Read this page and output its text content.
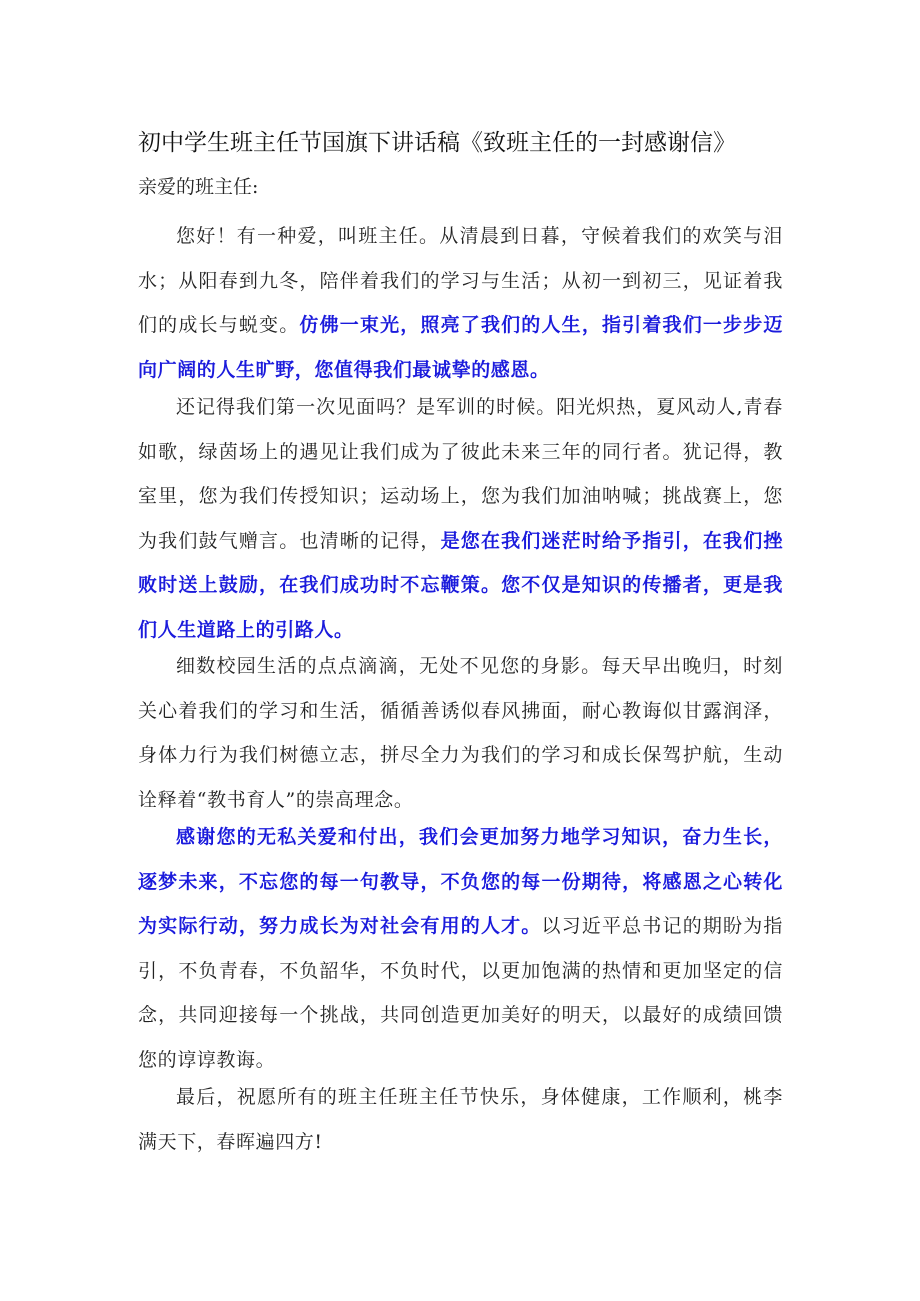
初中学生班主任节国旗下讲话稿《致班主任的一封感谢信》

亲爱的班主任:

您好！有一种爱，叫班主任。从清晨到日暮，守候着我们的欢笑与泪水；从阳春到九冬，陪伴着我们的学习与生活；从初一到初三，见证着我们的成长与蜕变。仿佛一束光，照亮了我们的人生，指引着我们一步步迈向广阔的人生旷野，您值得我们最诚挚的感恩。

还记得我们第一次见面吗？是军训的时候。阳光炽热，夏风动人,青春如歌，绿茵场上的遇见让我们成为了彼此未来三年的同行者。犹记得，教室里，您为我们传授知识；运动场上，您为我们加油呐喊；挑战赛上，您为我们鼓气赠言。也清晰的记得，是您在我们迷茫时给予指引，在我们挫败时送上鼓励，在我们成功时不忘鞭策。您不仅是知识的传播者，更是我们人生道路上的引路人。

细数校园生活的点点滴滴，无处不见您的身影。每天早出晚归，时刻关心着我们的学习和生活，循循善诱似春风拂面，耐心教诲似甘露润泽，身体力行为我们树德立志，拼尽全力为我们的学习和成长保驾护航，生动诠释着“教书育人”的崇高理念。

感谢您的无私关爱和付出，我们会更加努力地学习知识，奋力生长，逐梦未来，不忘您的每一句教导，不负您的每一份期待，将感恩之心转化为实际行动，努力成长为对社会有用的人才。以习近平总书记的期盼为指引，不负青春，不负韶华，不负时代，以更加饱满的热情和更加坚定的信念，共同迎接每一个挑战，共同创造更加美好的明天，以最好的成绩回馈您的谆谆教诲。

最后，祝愿所有的班主任班主任节快乐，身体健康，工作顺利，桃李满天下，春晖遍四方!
